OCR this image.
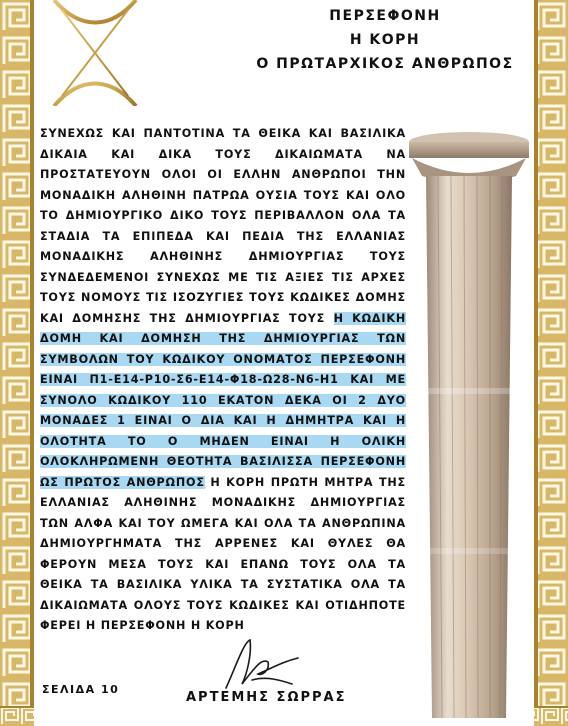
ΠΕΡΣΕΦΟΝΗ

Η ΚΟΡΗ

Ο ΠΡΩΤΑΡΧΙΚΟΣ ΑΝΘΡΩΠΟΣ

ΣΥΝΕΧΩΣ ΚΑΙ ΠΑΝΤΟΤΙΝΑ ΤΑ ΘΕΙΚΑ ΚΑΙ ΒΑΣΙΛΙΚΑ ΔΙΚΑΙΑ ΚΑΙ ΔΙΚΑ ΤΟΥΣ ΔΙΚΑΙΩΜΑΤΑ ΝΑ ΠΡΟΣΤΑΤΕΥΟΥΝ ΟΛΟΙ ΟΙ ΕΛΛΗΝ ΑΝΘΡΩΠΟΙ ΤΗΝ ΜΟΝΑΔΙΚΗ ΑΛΗΘΙΝΗ ΠΑΤΡΩΑ ΟΥΣΙΑ ΤΟΥΣ ΚΑΙ ΟΛΟ ΤΟ ΔΗΜΙΟΥΡΓΙΚΟ ΔΙΚΟ ΤΟΥΣ ΠΕΡΙΒΑΛΛΟΝ ΟΛΑ ΤΑ ΣΤΑΔΙΑ ΤΑ ΕΠΙΠΕΔΑ ΚΑΙ ΠΕΔΙΑ ΤΗΣ ΕΛΛΑΝΙΑΣ ΜΟΝΑΔΙΚΗΣ ΑΛΗΘΙΝΗΣ ΔΗΜΙΟΥΡΓΙΑΣ ΤΟΥΣ ΣΥΝΔΕΔΕΜΕΝΟΙ ΣΥΝΕΧΩΣ ΜΕ ΤΙΣ ΑΞΙΕΣ ΤΙΣ ΑΡΧΕΣ ΤΟΥΣ ΝΟΜΟΥΣ ΤΙΣ ΙΣΟΖΥΓΙΕΣ ΤΟΥΣ ΚΩΔΙΚΕΣ ΔΟΜΗΣ ΚΑΙ ΔΟΜΗΣΗΣ ΤΗΣ ΔΗΜΙΟΥΡΓΙΑΣ ΤΟΥΣ Η ΚΩΔΙΚΗ ΔΟΜΗ ΚΑΙ ΔΟΜΗΣΗ ΤΗΣ ΔΗΜΙΟΥΡΓΙΑΣ ΤΩΝ ΣΥΜΒΟΛΩΝ ΤΟΥ ΚΩΔΙΚΟΥ ΟΝΟΜΑΤΟΣ ΠΕΡΣΕΦΟΝΗ ΕΙΝΑΙ Π1-Ε14-Ρ10-Σ6-Ε14-Φ18-Ω28-Ν6-Η1 ΚΑΙ ΜΕ ΣΥΝΟΛΟ ΚΩΔΙΚΟΥ 110 ΕΚΑΤΟΝ ΔΕΚΑ ΟΙ 2 ΔΥΟ ΜΟΝΑΔΕΣ 1 ΕΙΝΑΙ Ο ΔΙΑ ΚΑΙ Η ΔΗΜΗΤΡΑ ΚΑΙ Η ΟΛΟΤΗΤΑ ΤΟ Ο ΜΗΔΕΝ ΕΙΝΑΙ Η ΟΛΙΚΗ ΟΛΟΚΛΗΡΩΜΕΝΗ ΘΕΟΤΗΤΑ ΒΑΣΙΛΙΣΣΑ ΠΕΡΣΕΦΟΝΗ ΩΣ ΠΡΩΤΟΣ ΑΝΘΡΩΠΟΣ Η ΚΟΡΗ ΠΡΩΤΗ ΜΗΤΡΑ ΤΗΣ ΕΛΛΑΝΙΑΣ ΑΛΗΘΙΝΗΣ ΜΟΝΑΔΙΚΗΣ ΔΗΜΙΟΥΡΓΙΑΣ ΤΩΝ ΑΛΦΑ ΚΑΙ ΤΟΥ ΩΜΕΓΑ ΚΑΙ ΟΛΑ ΤΑ ΑΝΘΡΩΠΙΝΑ ΔΗΜΙΟΥΡΓΗΜΑΤΑ ΤΗΣ ΑΡΡΕΝΕΣ ΚΑΙ ΘΥΛΕΣ ΘΑ ΦΕΡΟΥΝ ΜΕΣΑ ΤΟΥΣ ΚΑΙ ΕΠΑΝΩ ΤΟΥΣ ΟΛΑ ΤΑ ΘΕΙΚΑ ΤΑ ΒΑΣΙΛΙΚΑ ΥΛΙΚΑ ΤΑ ΣΥΣΤΑΤΙΚΑ ΟΛΑ ΤΑ ΔΙΚΑΙΩΜΑΤΑ ΟΛΟΥΣ ΤΟΥΣ ΚΩΔΙΚΕΣ ΚΑΙ ΟΤΙΔΗΠΟΤΕ ΦΕΡΕΙ Η ΠΕΡΣΕΦΟΝΗ Η ΚΟΡΗ

ΣΕΛΙΔΑ 10
ΑΡΤΕΜΗΣ ΣΩΡΡΑΣ
